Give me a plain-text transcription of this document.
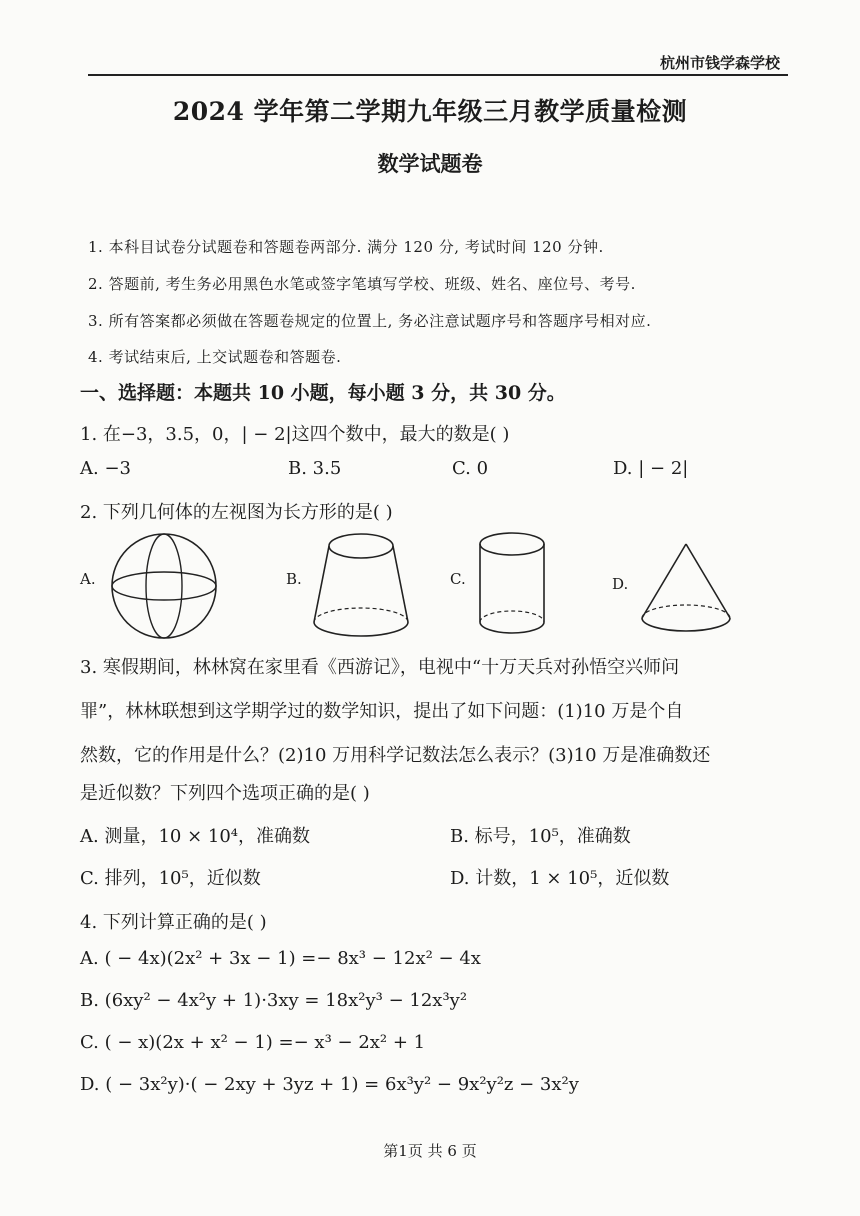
杭州市钱学森学校
2024 学年第二学期九年级三月教学质量检测
数学试题卷
1. 本科目试卷分试题卷和答题卷两部分. 满分 120 分, 考试时间 120 分钟.
2. 答题前, 考生务必用黑色水笔或签字笔填写学校、班级、姓名、座位号、考号.
3. 所有答案都必须做在答题卷规定的位置上, 务必注意试题序号和答题序号相对应.
4. 考试结束后, 上交试题卷和答题卷.
一、选择题：本题共 10 小题，每小题 3 分，共 30 分。
1. 在−3，3.5，0，| − 2|这四个数中，最大的数是( )
A. −3	B. 3.5	C. 0	D. | − 2|
2. 下列几何体的左视图为长方形的是( )
A.	B.	C.	D.
3. 寒假期间，林林窝在家里看《西游记》，电视中“十万天兵对孙悟空兴师问
罪”，林林联想到这学期学过的数学知识，提出了如下问题：(1)10 万是个自
然数，它的作用是什么？(2)10 万用科学记数法怎么表示？(3)10 万是准确数还
是近似数？下列四个选项正确的是( )
A. 测量，10 × 10⁴，准确数	B. 标号，10⁵，准确数
C. 排列，10⁵，近似数	D. 计数，1 × 10⁵，近似数
4. 下列计算正确的是( )
A. ( − 4x)(2x² + 3x − 1) =− 8x³ − 12x² − 4x
B. (6xy² − 4x²y + 1)·3xy = 18x²y³ − 12x³y²
C. ( − x)(2x + x² − 1) =− x³ − 2x² + 1
D. ( − 3x²y)·( − 2xy + 3yz + 1) = 6x³y² − 9x²y²z − 3x²y
第1页 共 6 页
